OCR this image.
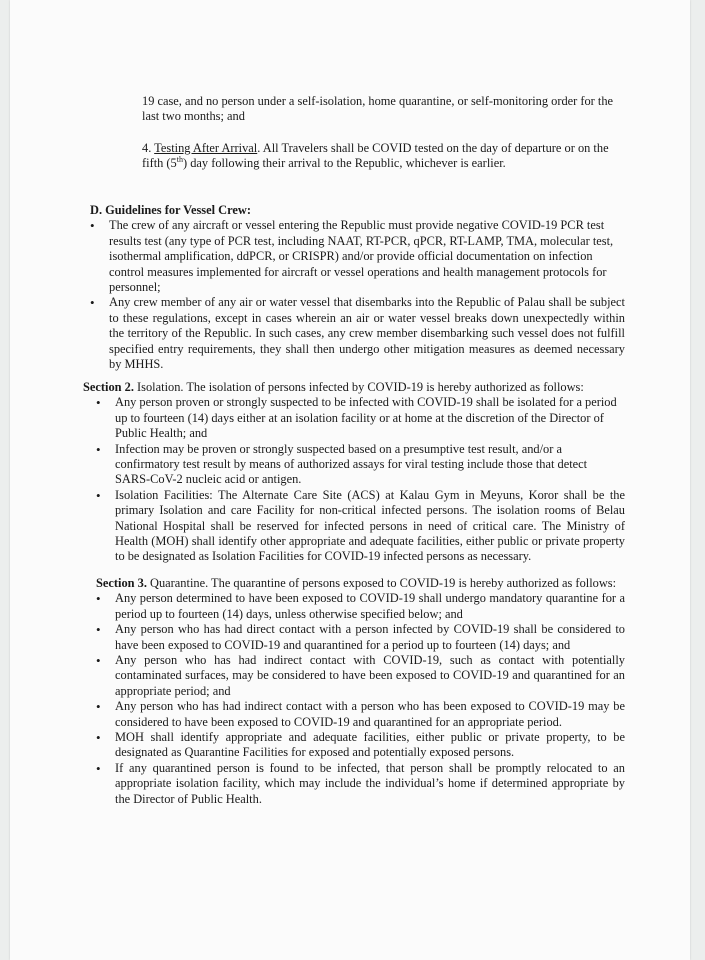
19 case, and no person under a self-isolation, home quarantine, or self-monitoring order for the last two months; and

4. Testing After Arrival. All Travelers shall be COVID tested on the day of departure or on the fifth (5th) day following their arrival to the Republic, whichever is earlier.

D. Guidelines for Vessel Crew:

• The crew of any aircraft or vessel entering the Republic must provide negative COVID-19 PCR test results test (any type of PCR test, including NAAT, RT-PCR, qPCR, RT-LAMP, TMA, molecular test, isothermal amplification, ddPCR, or CRISPR) and/or provide official documentation on infection control measures implemented for aircraft or vessel operations and health management protocols for personnel;
• Any crew member of any air or water vessel that disembarks into the Republic of Palau shall be subject to these regulations, except in cases wherein an air or water vessel breaks down unexpectedly within the territory of the Republic. In such cases, any crew member disembarking such vessel does not fulfill specified entry requirements, they shall then undergo other mitigation measures as deemed necessary by MHHS.

Section 2. Isolation. The isolation of persons infected by COVID-19 is hereby authorized as follows:

• Any person proven or strongly suspected to be infected with COVID-19 shall be isolated for a period up to fourteen (14) days either at an isolation facility or at home at the discretion of the Director of Public Health; and
• Infection may be proven or strongly suspected based on a presumptive test result, and/or a confirmatory test result by means of authorized assays for viral testing include those that detect SARS-CoV-2 nucleic acid or antigen.
• Isolation Facilities: The Alternate Care Site (ACS) at Kalau Gym in Meyuns, Koror shall be the primary Isolation and care Facility for non-critical infected persons. The isolation rooms of Belau National Hospital shall be reserved for infected persons in need of critical care. The Ministry of Health (MOH) shall identify other appropriate and adequate facilities, either public or private property to be designated as Isolation Facilities for COVID-19 infected persons as necessary.

Section 3. Quarantine. The quarantine of persons exposed to COVID-19 is hereby authorized as follows:

• Any person determined to have been exposed to COVID-19 shall undergo mandatory quarantine for a period up to fourteen (14) days, unless otherwise specified below; and
• Any person who has had direct contact with a person infected by COVID-19 shall be considered to have been exposed to COVID-19 and quarantined for a period up to fourteen (14) days; and
• Any person who has had indirect contact with COVID-19, such as contact with potentially contaminated surfaces, may be considered to have been exposed to COVID-19 and quarantined for an appropriate period; and
• Any person who has had indirect contact with a person who has been exposed to COVID-19 may be considered to have been exposed to COVID-19 and quarantined for an appropriate period.
• MOH shall identify appropriate and adequate facilities, either public or private property, to be designated as Quarantine Facilities for exposed and potentially exposed persons.
• If any quarantined person is found to be infected, that person shall be promptly relocated to an appropriate isolation facility, which may include the individual’s home if determined appropriate by the Director of Public Health.
